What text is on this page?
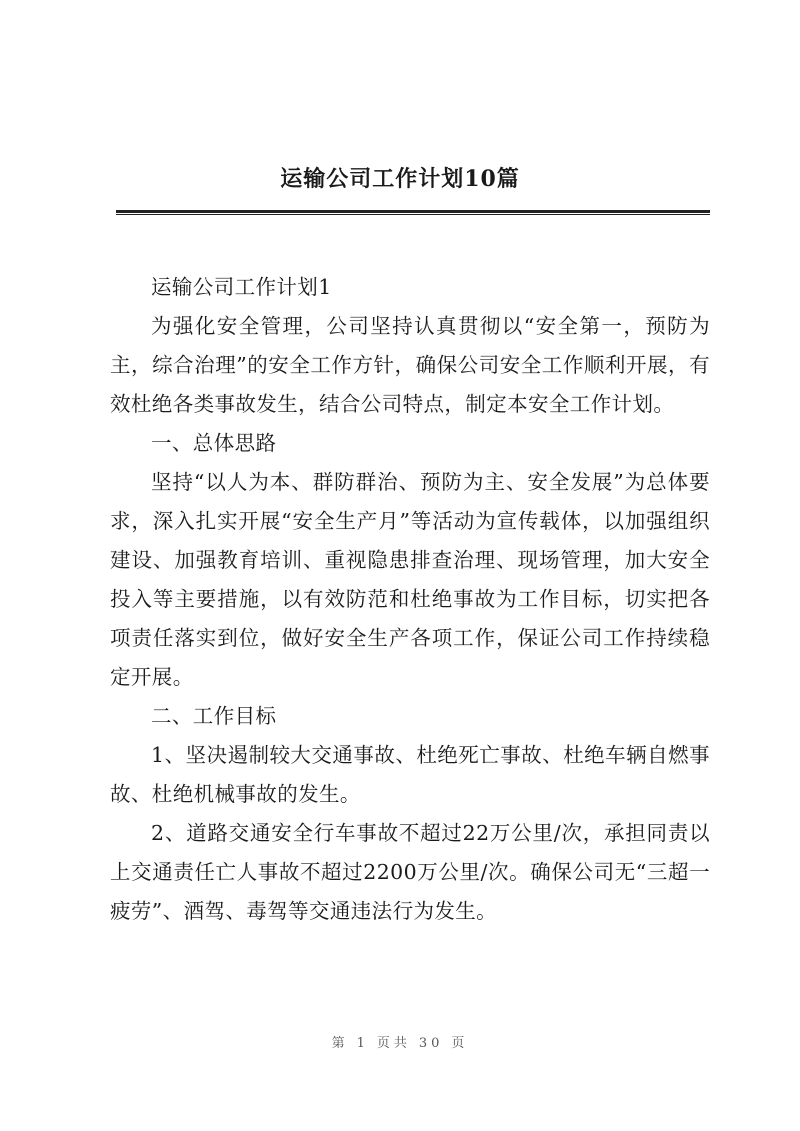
运输公司工作计划10篇

运输公司工作计划1

为强化安全管理，公司坚持认真贯彻以“安全第一，预防为主，综合治理”的安全工作方针，确保公司安全工作顺利开展，有效杜绝各类事故发生，结合公司特点，制定本安全工作计划。

一、总体思路

坚持“以人为本、群防群治、预防为主、安全发展”为总体要求，深入扎实开展“安全生产月”等活动为宣传载体，以加强组织建设、加强教育培训、重视隐患排查治理、现场管理，加大安全投入等主要措施，以有效防范和杜绝事故为工作目标，切实把各项责任落实到位，做好安全生产各项工作，保证公司工作持续稳定开展。

二、工作目标

1、坚决遏制较大交通事故、杜绝死亡事故、杜绝车辆自燃事故、杜绝机械事故的发生。

2、道路交通安全行车事故不超过22万公里/次，承担同责以上交通责任亡人事故不超过2200万公里/次。确保公司无“三超一疲劳”、酒驾、毒驾等交通违法行为发生。

第 1 页共 30 页
